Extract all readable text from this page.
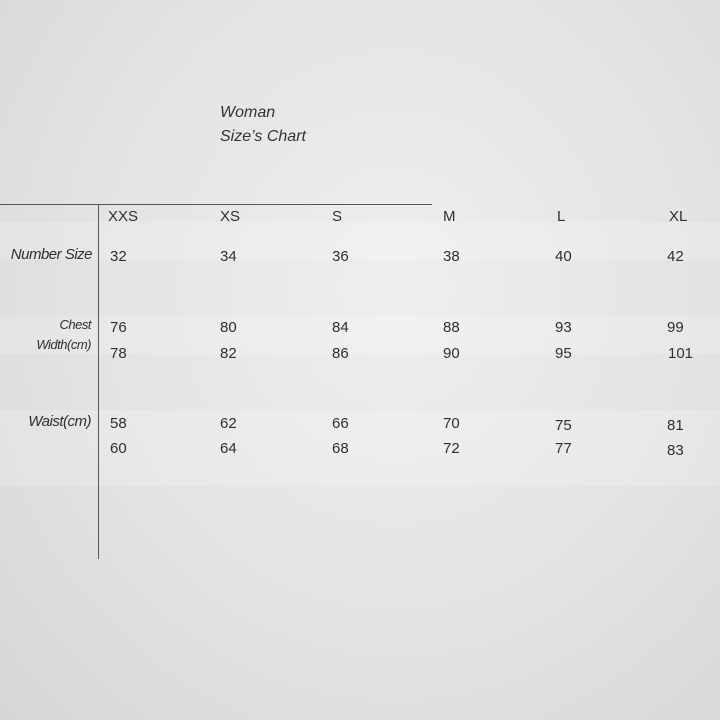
Woman
Size’s Chart
XXS	XS	S	M	L	XL
Number Size 32	34	36	38	40	42
Chest
Width(cm)
76	80	84	88	93	99
78	82	86	90	95	101
Waist(cm) 58	62	66	70	75	81
60	64	68	72	77	83
